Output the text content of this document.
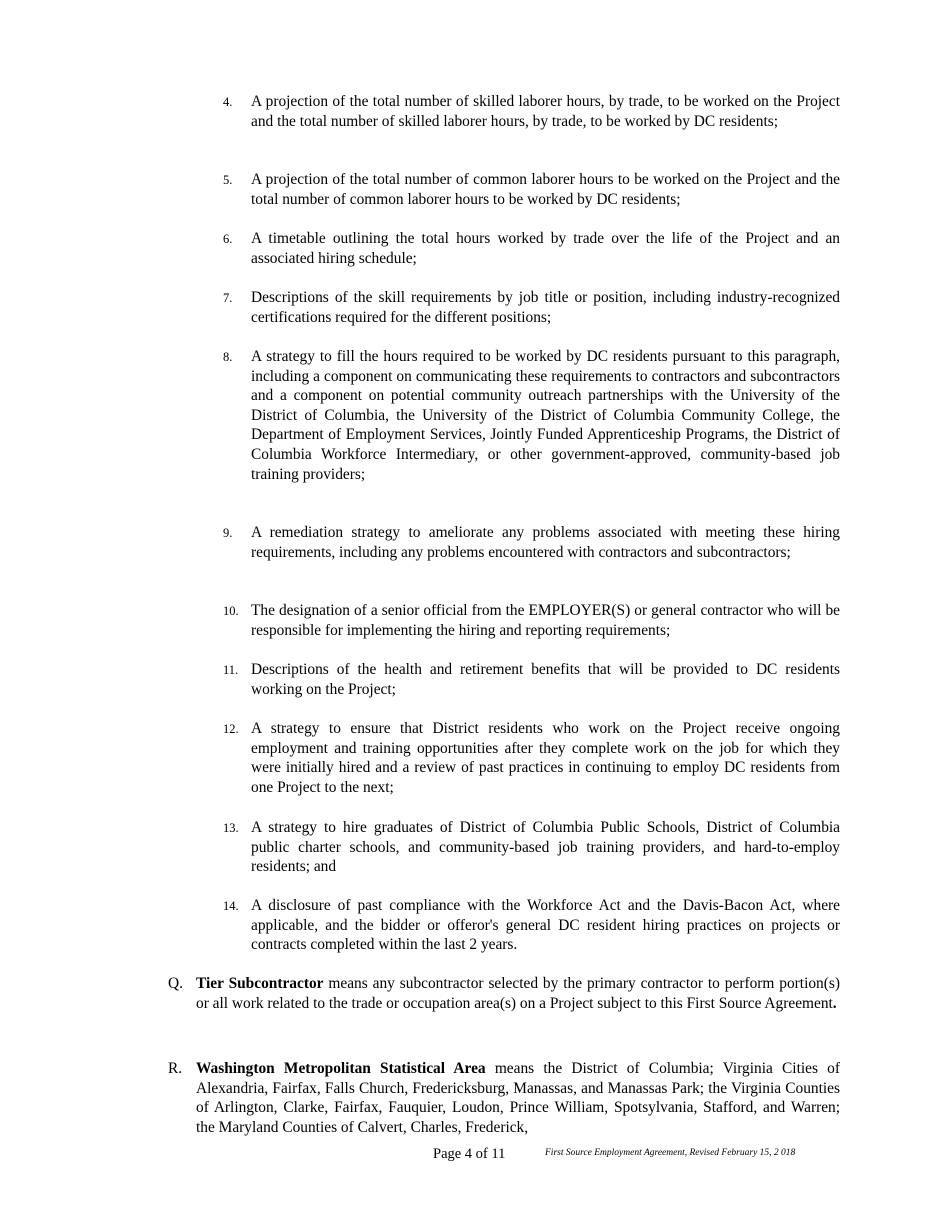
4. A projection of the total number of skilled laborer hours, by trade, to be worked on the Project and the total number of skilled laborer hours, by trade, to be worked by DC residents;
5. A projection of the total number of common laborer hours to be worked on the Project and the total number of common laborer hours to be worked by DC residents;
6. A timetable outlining the total hours worked by trade over the life of the Project and an associated hiring schedule;
7. Descriptions of the skill requirements by job title or position, including industry-recognized certifications required for the different positions;
8. A strategy to fill the hours required to be worked by DC residents pursuant to this paragraph, including a component on communicating these requirements to contractors and subcontractors and a component on potential community outreach partnerships with the University of the District of Columbia, the University of the District of Columbia Community College, the Department of Employment Services, Jointly Funded Apprenticeship Programs, the District of Columbia Workforce Intermediary, or other government-approved, community-based job training providers;
9. A remediation strategy to ameliorate any problems associated with meeting these hiring requirements, including any problems encountered with contractors and subcontractors;
10. The designation of a senior official from the EMPLOYER(S) or general contractor who will be responsible for implementing the hiring and reporting requirements;
11. Descriptions of the health and retirement benefits that will be provided to DC residents working on the Project;
12. A strategy to ensure that District residents who work on the Project receive ongoing employment and training opportunities after they complete work on the job for which they were initially hired and a review of past practices in continuing to employ DC residents from one Project to the next;
13. A strategy to hire graduates of District of Columbia Public Schools, District of Columbia public charter schools, and community-based job training providers, and hard-to-employ residents; and
14. A disclosure of past compliance with the Workforce Act and the Davis-Bacon Act, where applicable, and the bidder or offeror's general DC resident hiring practices on projects or contracts completed within the last 2 years.
Q. Tier Subcontractor means any subcontractor selected by the primary contractor to perform portion(s) or all work related to the trade or occupation area(s) on a Project subject to this First Source Agreement.
R. Washington Metropolitan Statistical Area means the District of Columbia; Virginia Cities of Alexandria, Fairfax, Falls Church, Fredericksburg, Manassas, and Manassas Park; the Virginia Counties of Arlington, Clarke, Fairfax, Fauquier, Loudon, Prince William, Spotsylvania, Stafford, and Warren; the Maryland Counties of Calvert, Charles, Frederick,
Page 4 of 11	First Source Employment Agreement, Revised February 15, 2 018
